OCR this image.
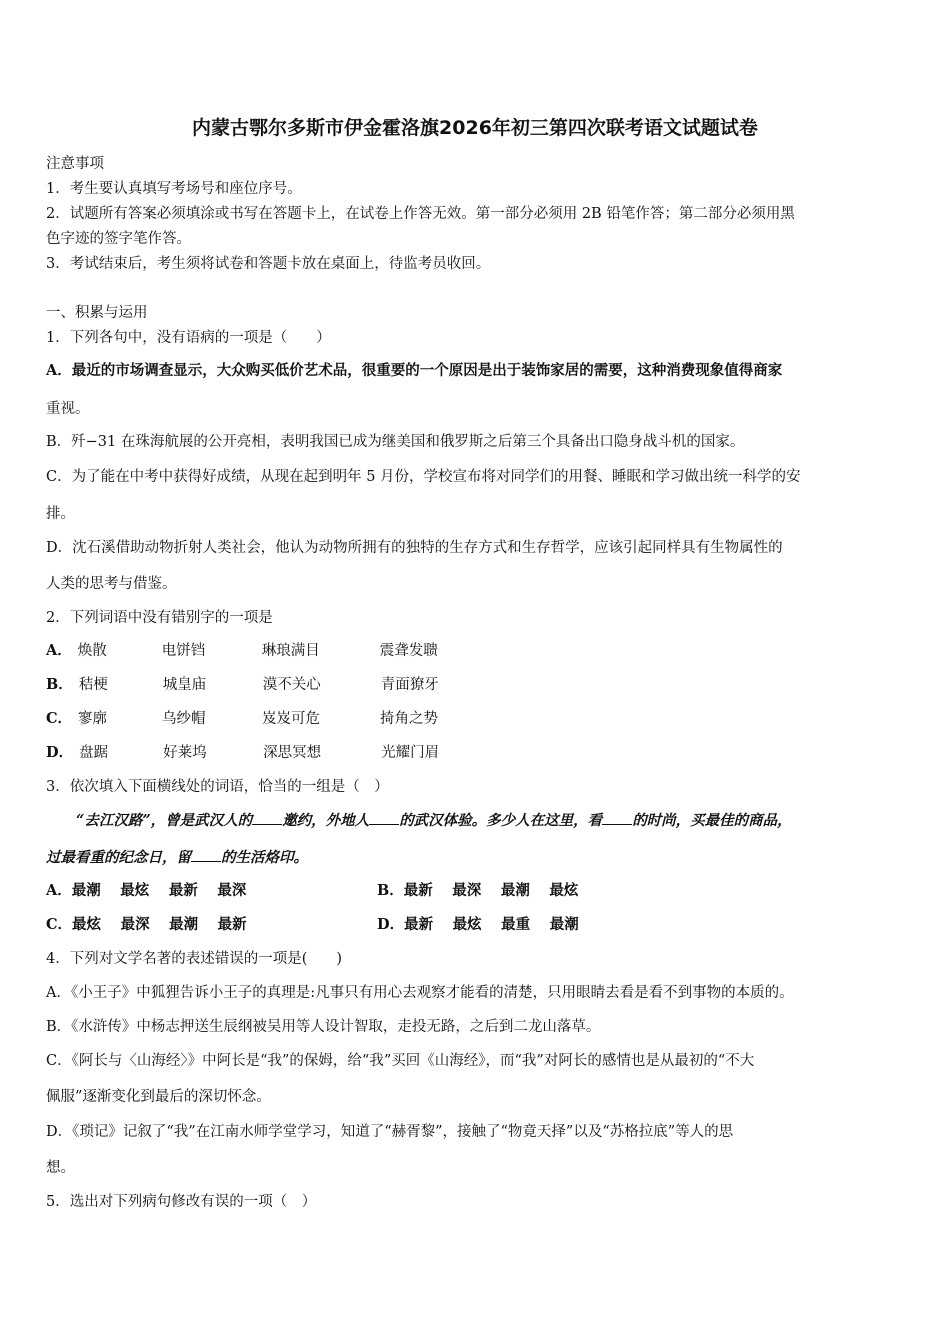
内蒙古鄂尔多斯市伊金霍洛旗2026年初三第四次联考语文试题试卷
注意事项
1．考生要认真填写考场号和座位序号。
2．试题所有答案必须填涂或书写在答题卡上，在试卷上作答无效。第一部分必须用 2B 铅笔作答；第二部分必须用黑
色字迹的签字笔作答。
3．考试结束后，考生须将试卷和答题卡放在桌面上，待监考员收回。
一、积累与运用
1．下列各句中，没有语病的一项是（　　）
A．最近的市场调查显示，大众购买低价艺术品，很重要的一个原因是出于装饰家居的需要，这种消费现象值得商家
重视。
B．歼−31 在珠海航展的公开亮相，表明我国已成为继美国和俄罗斯之后第三个具备出口隐身战斗机的国家。
C．为了能在中考中获得好成绩，从现在起到明年 5 月份，学校宣布将对同学们的用餐、睡眠和学习做出统一科学的安
排。
D．沈石溪借助动物折射人类社会，他认为动物所拥有的独特的生存方式和生存哲学，应该引起同样具有生物属性的
人类的思考与借鉴。
2．下列词语中没有错别字的一项是
A． 焕散	电饼铛	琳琅满目	震聋发聩
B． 秸梗	城皇庙	漠不关心	青面獠牙
C． 寥廓	乌纱帽	岌岌可危	掎角之势
D． 盘踞	好莱坞	深思冥想	光耀门眉
3．依次填入下面横线处的词语，恰当的一组是（　）
“去江汉路”，曾是武汉人的 邀约，外地人 的武汉体验。多少人在这里，看 的时尚，买最佳的商品，
过最看重的纪念日，留 的生活烙印。
A．最潮　 最炫　 最新　 最深	B．最新　 最深　 最潮　 最炫
C．最炫　 最深　 最潮　 最新	D．最新　 最炫　 最重　 最潮
4．下列对文学名著的表述错误的一项是(　　)
A．《小王子》中狐狸告诉小王子的真理是:凡事只有用心去观察才能看的清楚，只用眼睛去看是看不到事物的本质的。
B．《水浒传》中杨志押送生辰纲被吴用等人设计智取，走投无路，之后到二龙山落草。
C．《阿长与〈山海经〉》中阿长是“我”的保姆，给“我”买回《山海经》，而“我”对阿长的感情也是从最初的“不大
佩服”逐渐变化到最后的深切怀念。
D．《琐记》记叙了“我”在江南水师学堂学习，知道了“赫胥黎”，接触了“物竟天择”以及“苏格拉底”等人的思
想。
5．选出对下列病句修改有误的一项（　）
